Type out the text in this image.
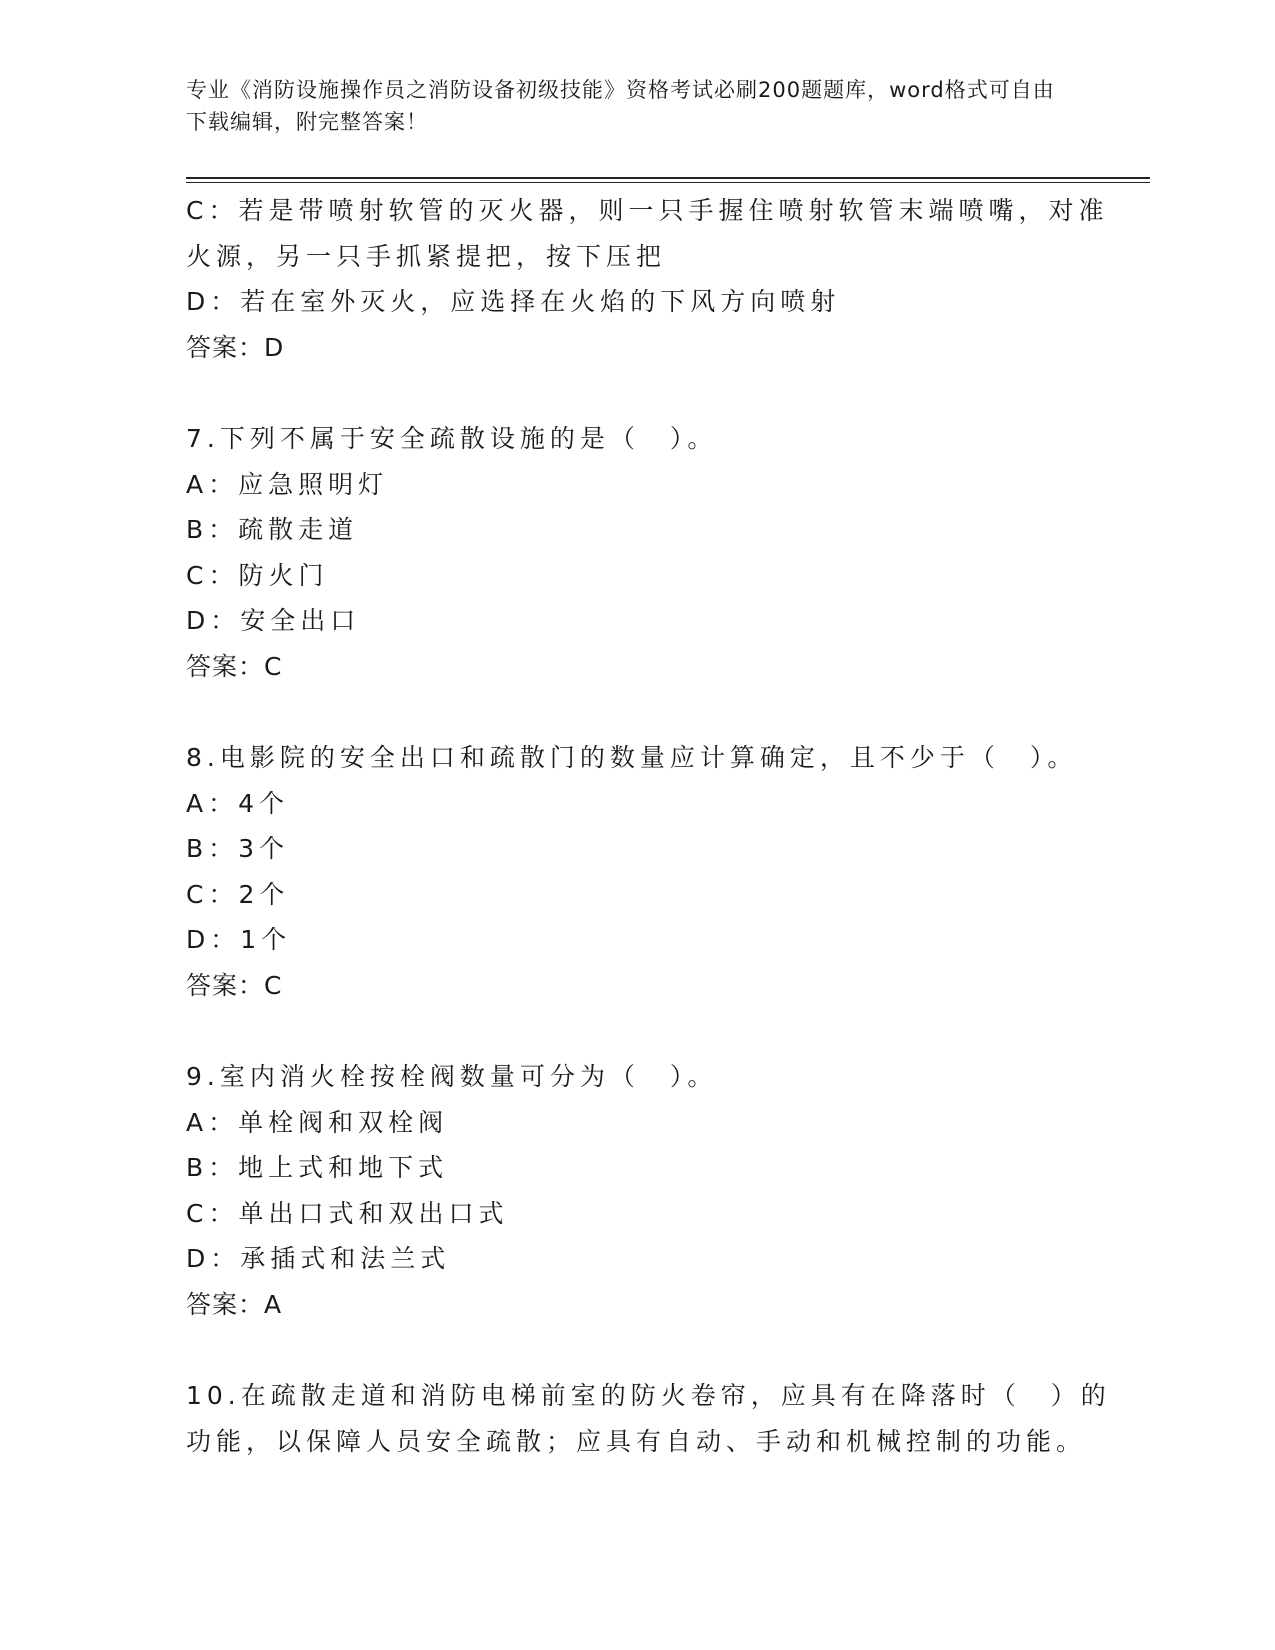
专业《消防设施操作员之消防设备初级技能》资格考试必刷200题题库，word格式可自由下载编辑，附完整答案！
C：若是带喷射软管的灭火器，则一只手握住喷射软管末端喷嘴，对准
火源，另一只手抓紧提把，按下压把
D：若在室外灭火，应选择在火焰的下风方向喷射
答案：D
7.下列不属于安全疏散设施的是（　）。
A：应急照明灯
B：疏散走道
C：防火门
D：安全出口
答案：C
8.电影院的安全出口和疏散门的数量应计算确定，且不少于（　）。
A：4个
B：3个
C：2个
D：1个
答案：C
9.室内消火栓按栓阀数量可分为（　）。
A：单栓阀和双栓阀
B：地上式和地下式
C：单出口式和双出口式
D：承插式和法兰式
答案：A
10.在疏散走道和消防电梯前室的防火卷帘，应具有在降落时（　）的
功能，以保障人员安全疏散；应具有自动、手动和机械控制的功能。
